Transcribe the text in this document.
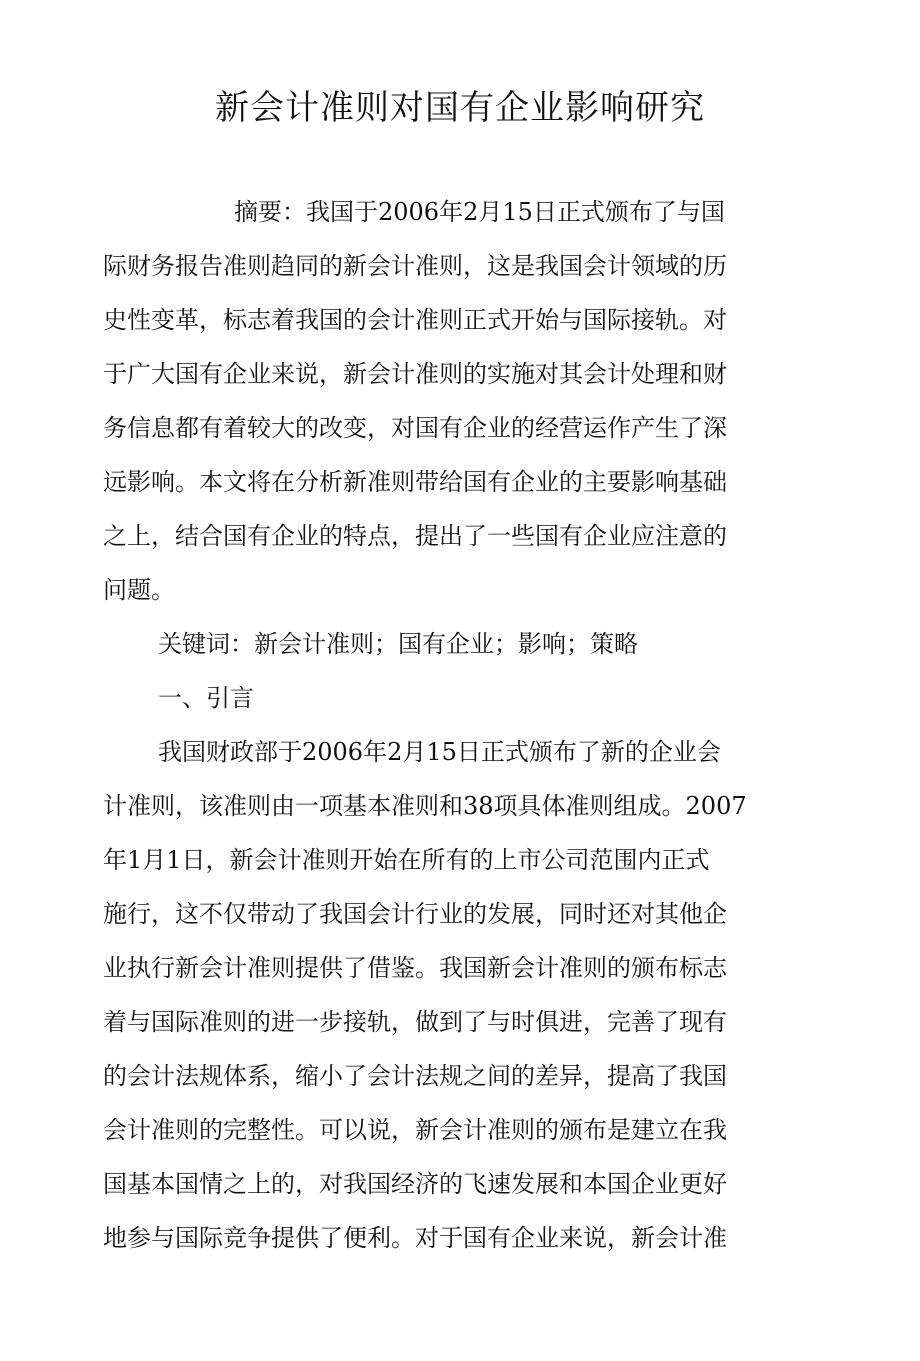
新会计准则对国有企业影响研究

摘要：我国于2006年2月15日正式颁布了与国

际财务报告准则趋同的新会计准则，这是我国会计领域的历

史性变革，标志着我国的会计准则正式开始与国际接轨。对

于广大国有企业来说，新会计准则的实施对其会计处理和财

务信息都有着较大的改变，对国有企业的经营运作产生了深

远影响。本文将在分析新准则带给国有企业的主要影响基础

之上，结合国有企业的特点，提出了一些国有企业应注意的

问题。

关键词：新会计准则；国有企业；影响；策略

一、引言

我国财政部于2006年2月15日正式颁布了新的企业会

计准则，该准则由一项基本准则和38项具体准则组成。2007

年1月1日，新会计准则开始在所有的上市公司范围内正式

施行，这不仅带动了我国会计行业的发展，同时还对其他企

业执行新会计准则提供了借鉴。我国新会计准则的颁布标志

着与国际准则的进一步接轨，做到了与时俱进，完善了现有

的会计法规体系，缩小了会计法规之间的差异，提高了我国

会计准则的完整性。可以说，新会计准则的颁布是建立在我

国基本国情之上的，对我国经济的飞速发展和本国企业更好

地参与国际竞争提供了便利。对于国有企业来说，新会计准
